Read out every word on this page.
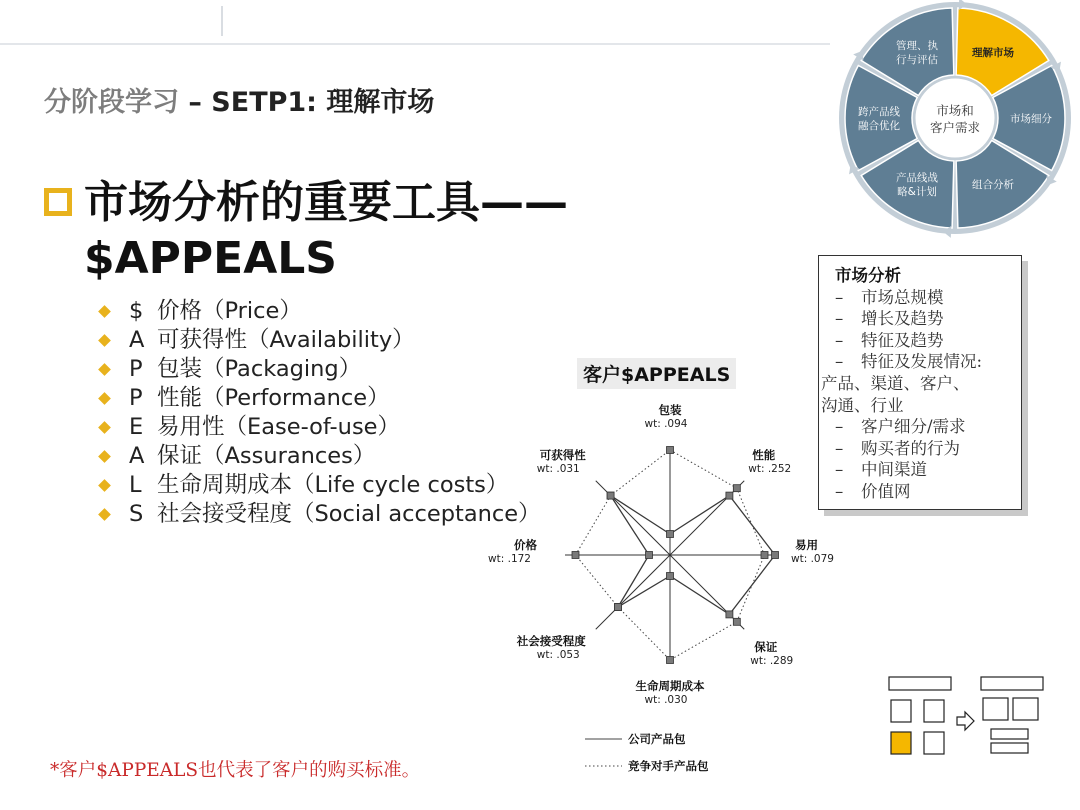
分阶段学习 – SETP1: 理解市场
理解市场
市场细分
组合分析
产品线战
略&计划
跨产品线
融合优化
管理、执
行与评估
市场和
客户需求
市场分析的重要工具——
$APPEALS
$ 价格（Price）
A 可获得性（Availability）
P 包装（Packaging）
P 性能（Performance）
E 易用性（Ease-of-use）
A 保证（Assurances）
L 生命周期成本（Life cycle costs）
S 社会接受程度（Social acceptance）
客户$APPEALS
包装
wt: .094
性能
wt: .252
易用
wt: .079
保证
wt: .289
生命周期成本
wt: .030
社会接受程度
wt: .053
价格
wt: .172
可获得性
wt: .031
公司产品包
竞争对手产品包
市场分析
– 市场总规模
– 增长及趋势
– 特征及趋势
– 特征及发展情况:
产品、渠道、客户、
沟通、行业
– 客户细分/需求
– 购买者的行为
– 中间渠道
– 价值网
*客户$APPEALS也代表了客户的购买标准。
